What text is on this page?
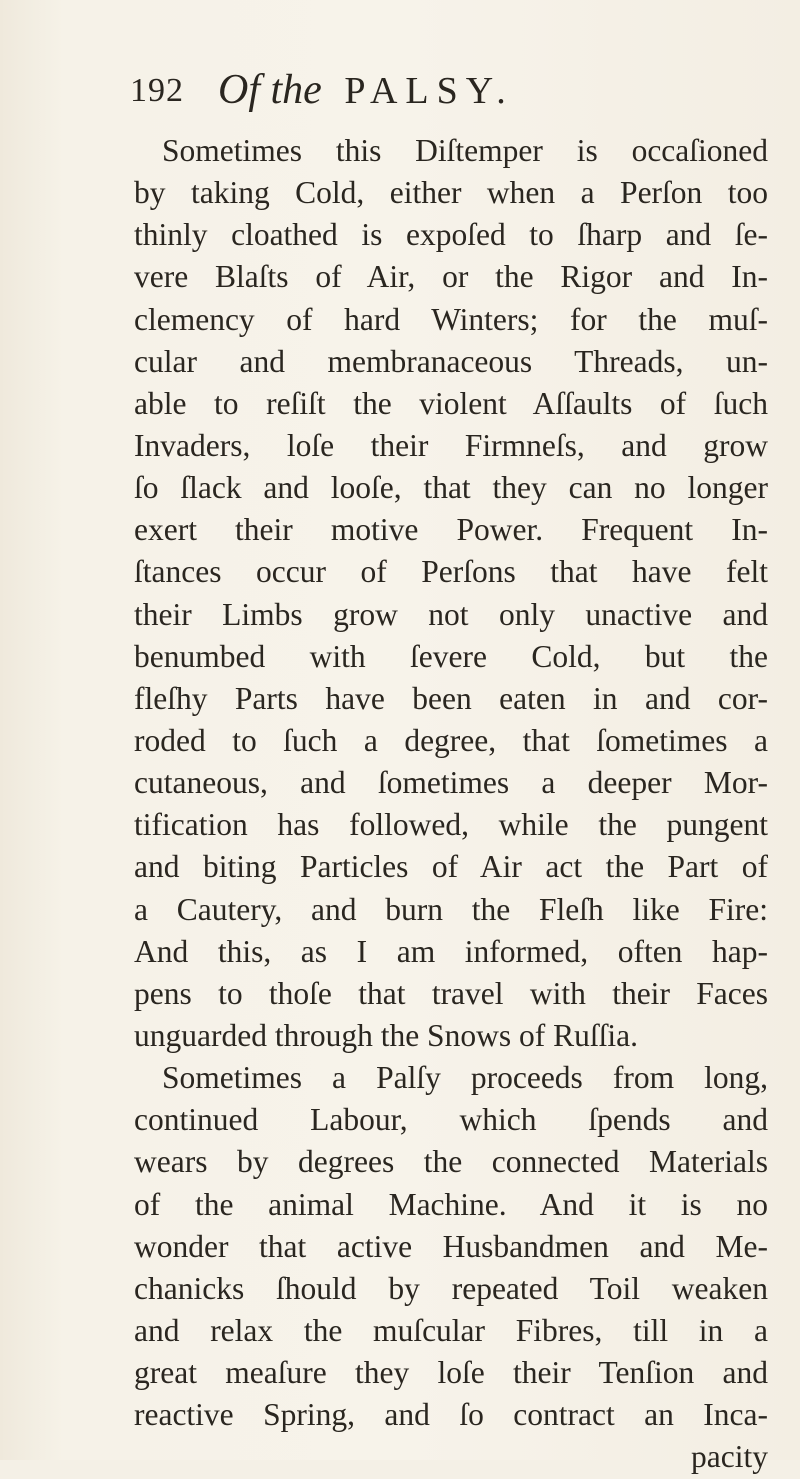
192 Of the PALSY.
Sometimes this Diſtemper is occaſioned
by taking Cold, either when a Perſon too
thinly cloathed is expoſed to ſharp and ſe-
vere Blaſts of Air, or the Rigor and In-
clemency of hard Winters; for the muſ-
cular and membranaceous Threads, un-
able to reſiſt the violent Aſſaults of ſuch
Invaders, loſe their Firmneſs, and grow
ſo ſlack and looſe, that they can no longer
exert their motive Power. Frequent In-
ſtances occur of Perſons that have felt
their Limbs grow not only unactive and
benumbed with ſevere Cold, but the
fleſhy Parts have been eaten in and cor-
roded to ſuch a degree, that ſometimes a
cutaneous, and ſometimes a deeper Mor-
tification has followed, while the pungent
and biting Particles of Air act the Part of
a Cautery, and burn the Fleſh like Fire:
And this, as I am informed, often hap-
pens to thoſe that travel with their Faces
unguarded through the Snows of Ruſſia.
Sometimes a Palſy proceeds from long,
continued Labour, which ſpends and
wears by degrees the connected Materials
of the animal Machine. And it is no
wonder that active Husbandmen and Me-
chanicks ſhould by repeated Toil weaken
and relax the muſcular Fibres, till in a
great meaſure they loſe their Tenſion and
reactive Spring, and ſo contract an Inca-
pacity
